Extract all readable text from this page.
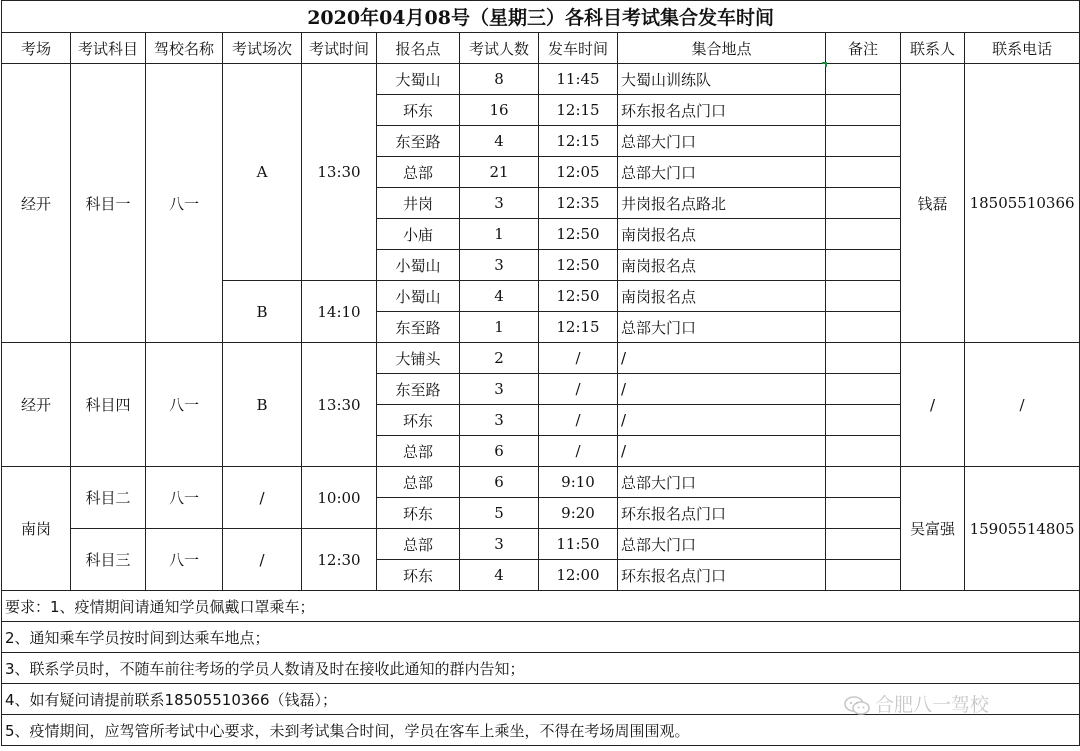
2020年04月08号（星期三）各科目考试集合发车时间											
考场	考试科目	驾校名称	考试场次	考试时间	报名点	考试人数	发车时间	集合地点	备注	联系人	联系电话
经开	科目一	八一	A	13:30	大蜀山	8	11:45	大蜀山训练队		钱磊	18505510366
					环东	16	12:15	环东报名点门口			
					东至路	4	12:15	总部大门口			
					总部	21	12:05	总部大门口			
					井岗	3	12:35	井岗报名点路北			
					小庙	1	12:50	南岗报名点			
					小蜀山	3	12:50	南岗报名点			
			B	14:10	小蜀山	4	12:50	南岗报名点			
					东至路	1	12:15	总部大门口			
经开	科目四	八一	B	13:30	大铺头	2	/	/		/	/
					东至路	3	/	/			
					环东	3	/	/			
					总部	6	/	/			
南岗	科目二	八一	/	10:00	总部	6	9:10	总部大门口		吴富强	15905514805
					环东	5	9:20	环东报名点门口			
	科目三	八一	/	12:30	总部	3	11:50	总部大门口			
					环东	4	12:00	环东报名点门口			
要求：1、疫情期间请通知学员佩戴口罩乘车；											
2、通知乘车学员按时间到达乘车地点；											
3、联系学员时，不随车前往考场的学员人数请及时在接收此通知的群内告知；											
4、如有疑问请提前联系18505510366（钱磊）；											
5、疫情期间，应驾管所考试中心要求，未到考试集合时间，学员在客车上乘坐，不得在考场周围围观。											
合肥八一驾校
